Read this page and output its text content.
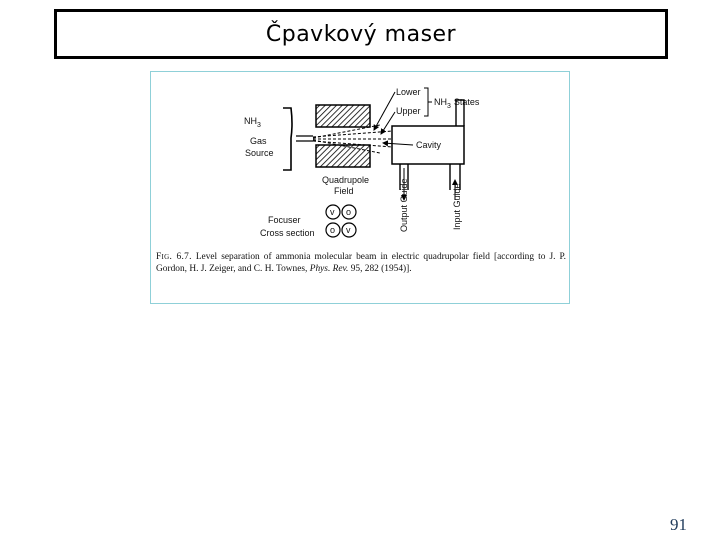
Čpavkový maser
$NH_3$
Gas
Source
Quadrupole
Field
Lower
Upper
$NH_3$ States
Cavity
Output Guide	Input Guide
Focuser
Cross section
v o
o v
Fig. 6.7. Level separation of ammonia molecular beam in electric quadrupolar field [according to J. P. Gordon, H. J. Zeiger, and C. H. Townes, Phys. Rev. 95, 282 (1954)].
91
